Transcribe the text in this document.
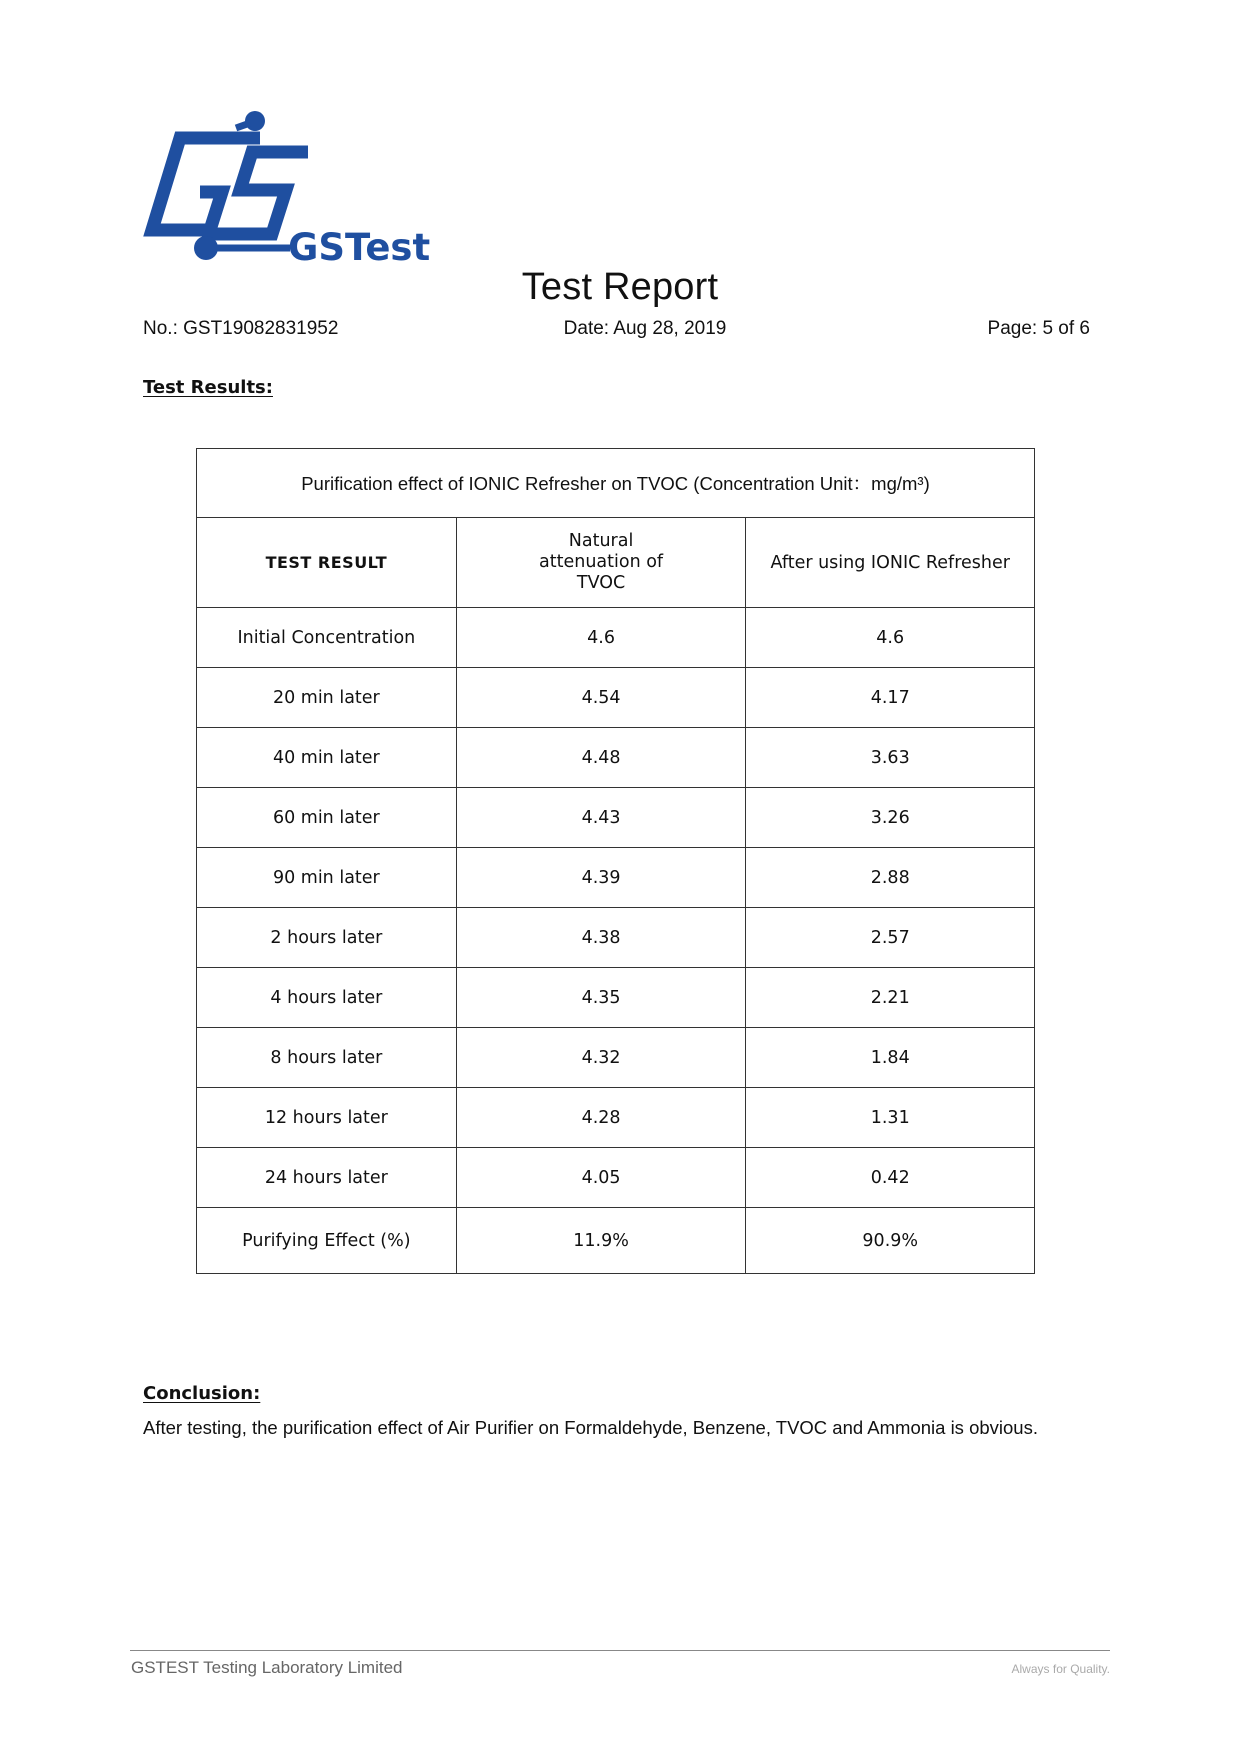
GSTest
Test Report
No.: GST19082831952	Date: Aug 28, 2019	Page: 5 of 6
Test Results:
Purification effect of IONIC Refresher on TVOC (Concentration Unit：mg/m³)		
TEST RESULT	Natural attenuation of TVOC	After using IONIC Refresher
Initial Concentration	4.6	4.6
20 min later	4.54	4.17
40 min later	4.48	3.63
60 min later	4.43	3.26
90 min later	4.39	2.88
2 hours later	4.38	2.57
4 hours later	4.35	2.21
8 hours later	4.32	1.84
12 hours later	4.28	1.31
24 hours later	4.05	0.42
Purifying Effect (%)	11.9%	90.9%
Conclusion:
After testing, the purification effect of Air Purifier on Formaldehyde, Benzene, TVOC and Ammonia is obvious.
GSTEST Testing Laboratory Limited	Always for Quality.
